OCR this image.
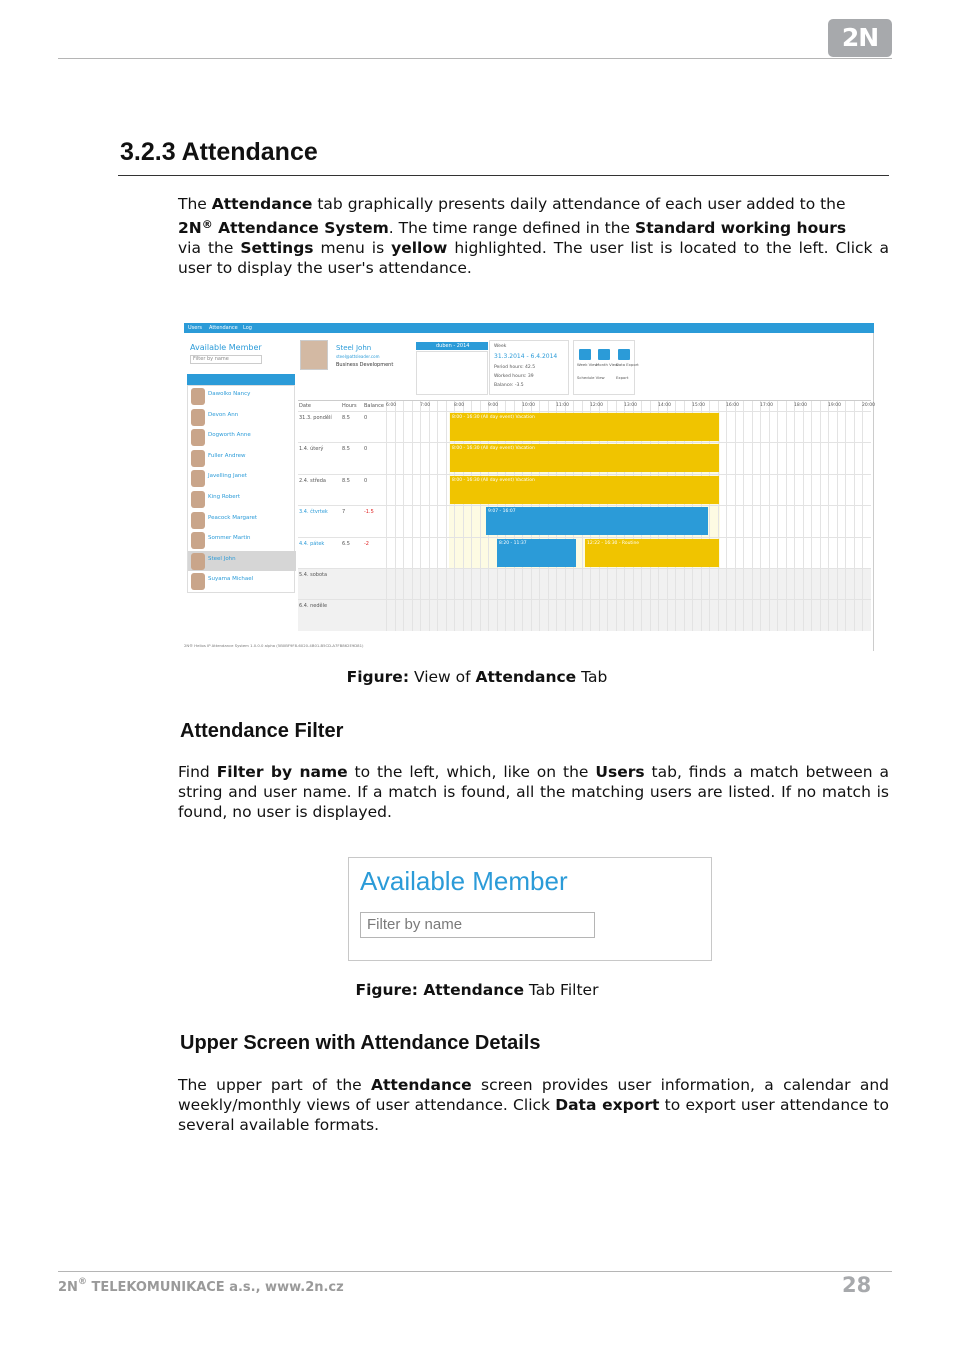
2N
3.2.3 Attendance
The Attendance tab graphically presents daily attendance of each user added to the
2N® Attendance System. The time range defined in the Standard working hours
via the Settings menu is yellow highlighted. The user list is located to the left. Click a user to display the user's attendance.
Users Attendance Log
Available Member
Filter by name
Dawolko Nancy
Devon Ann
Dogworth Anne
Fuller Andrew
Javelling Janet
King Robert
Peacock Margaret
Sommer Martin
Steel John
Suyama Michael
Steel John
steel@attsleader.com
Business Development
duben - 2014	Week
31.3.2014 - 6.4.2014
Period hours: 42.5
Worked hours: 39
Balance: -3.5
Week View
Month View
Data Export
Schedule View	Export
Date	Hours Balance 6:00	7:00	8:00	9:00	10:00	11:00	12:00	13:00	14:00	15:00	16:00	17:00	18:00	19:00	20:00
31.3. pondělí 8.5	0
1.4. úterý	8.5	0
2.4. středa	8.5	0
3.4. čtvrtek	7	-1.5
4.4. pátek	6.5	-2
5.4. sobota
6.4. neděle
8:00 - 16:30 (All day event) Vacation
8:00 - 16:30 (All day event) Vacation
8:00 - 16:30 (All day event) Vacation
9:07 - 16:07
8:20 - 11:37	12:22 - 16:30 - Routine
2N® Helios IP Attendance System 1.0.0.0 alpha (5B0BF9F8-6020-4B01-B5CD-A7FB862E9D81)
Figure: View of Attendance Tab
Attendance Filter
Find Filter by name to the left, which, like on the Users tab, finds a match between a string and user name. If a match is found, all the matching users are listed. If no match is found, no user is displayed.
Available Member
Filter by name
Figure: Attendance Tab Filter
Upper Screen with Attendance Details
The upper part of the Attendance screen provides user information, a calendar and weekly/monthly views of user attendance. Click Data export to export user attendance to several available formats.
2N® TELEKOMUNIKACE a.s., www.2n.cz	28
